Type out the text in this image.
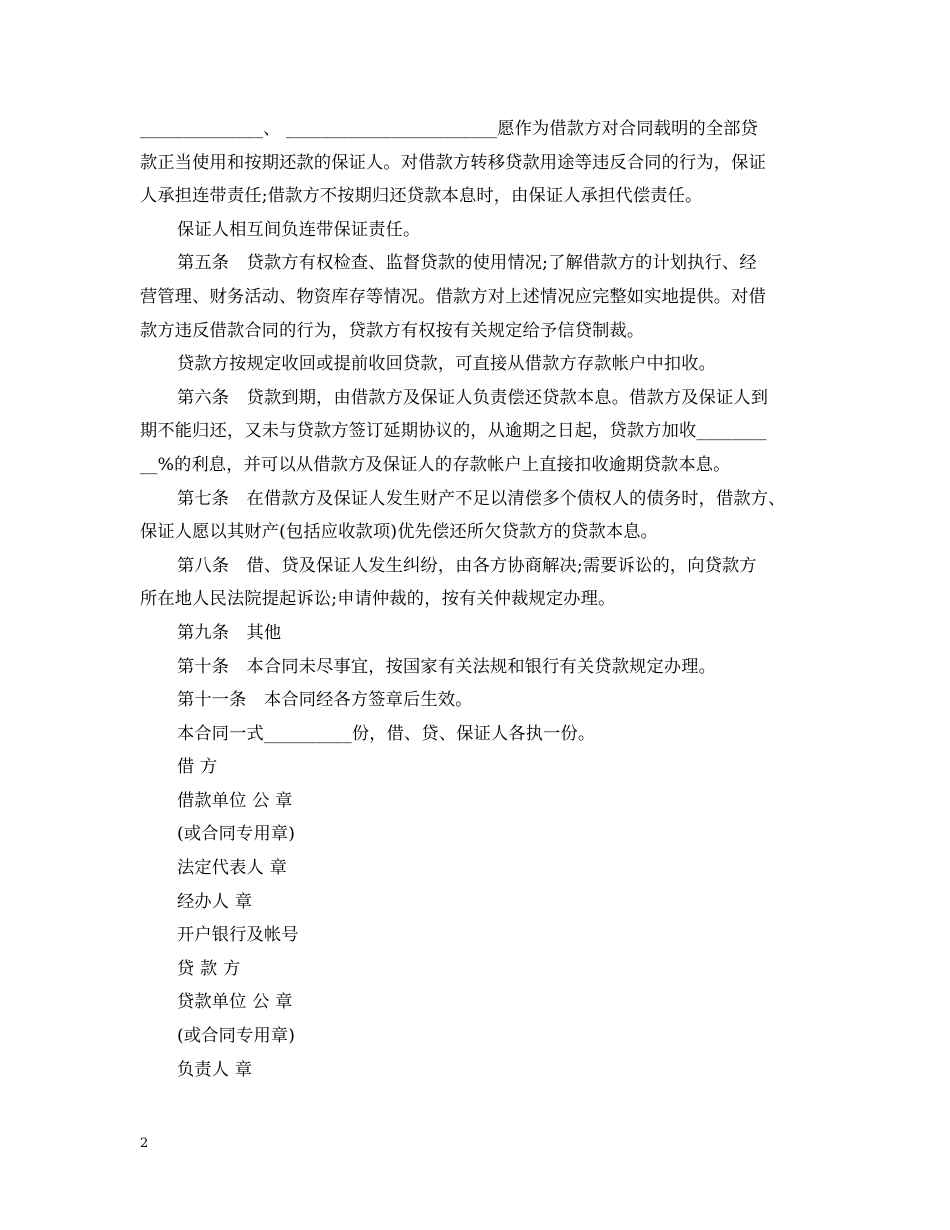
______________、 ________________________愿作为借款方对合同载明的全部贷
款正当使用和按期还款的保证人。对借款方转移贷款用途等违反合同的行为，保证
人承担连带责任;借款方不按期归还贷款本息时，由保证人承担代偿责任。
保证人相互间负连带保证责任。
第五条　贷款方有权检查、监督贷款的使用情况;了解借款方的计划执行、经
营管理、财务活动、物资库存等情况。借款方对上述情况应完整如实地提供。对借
款方违反借款合同的行为，贷款方有权按有关规定给予信贷制裁。
贷款方按规定收回或提前收回贷款，可直接从借款方存款帐户中扣收。
第六条　贷款到期，由借款方及保证人负责偿还贷款本息。借款方及保证人到
期不能归还，又未与贷款方签订延期协议的，从逾期之日起，贷款方加收________
__%的利息，并可以从借款方及保证人的存款帐户上直接扣收逾期贷款本息。
第七条　在借款方及保证人发生财产不足以清偿多个债权人的债务时，借款方、
保证人愿以其财产(包括应收款项)优先偿还所欠贷款方的贷款本息。
第八条　借、贷及保证人发生纠纷，由各方协商解决;需要诉讼的，向贷款方
所在地人民法院提起诉讼;申请仲裁的，按有关仲裁规定办理。
第九条　其他
第十条　本合同未尽事宜，按国家有关法规和银行有关贷款规定办理。
第十一条　本合同经各方签章后生效。
本合同一式__________份，借、贷、保证人各执一份。
借 方
借款单位 公 章
(或合同专用章)
法定代表人 章
经办人 章
开户银行及帐号
贷 款 方
贷款单位 公 章
(或合同专用章)
负责人 章
2
